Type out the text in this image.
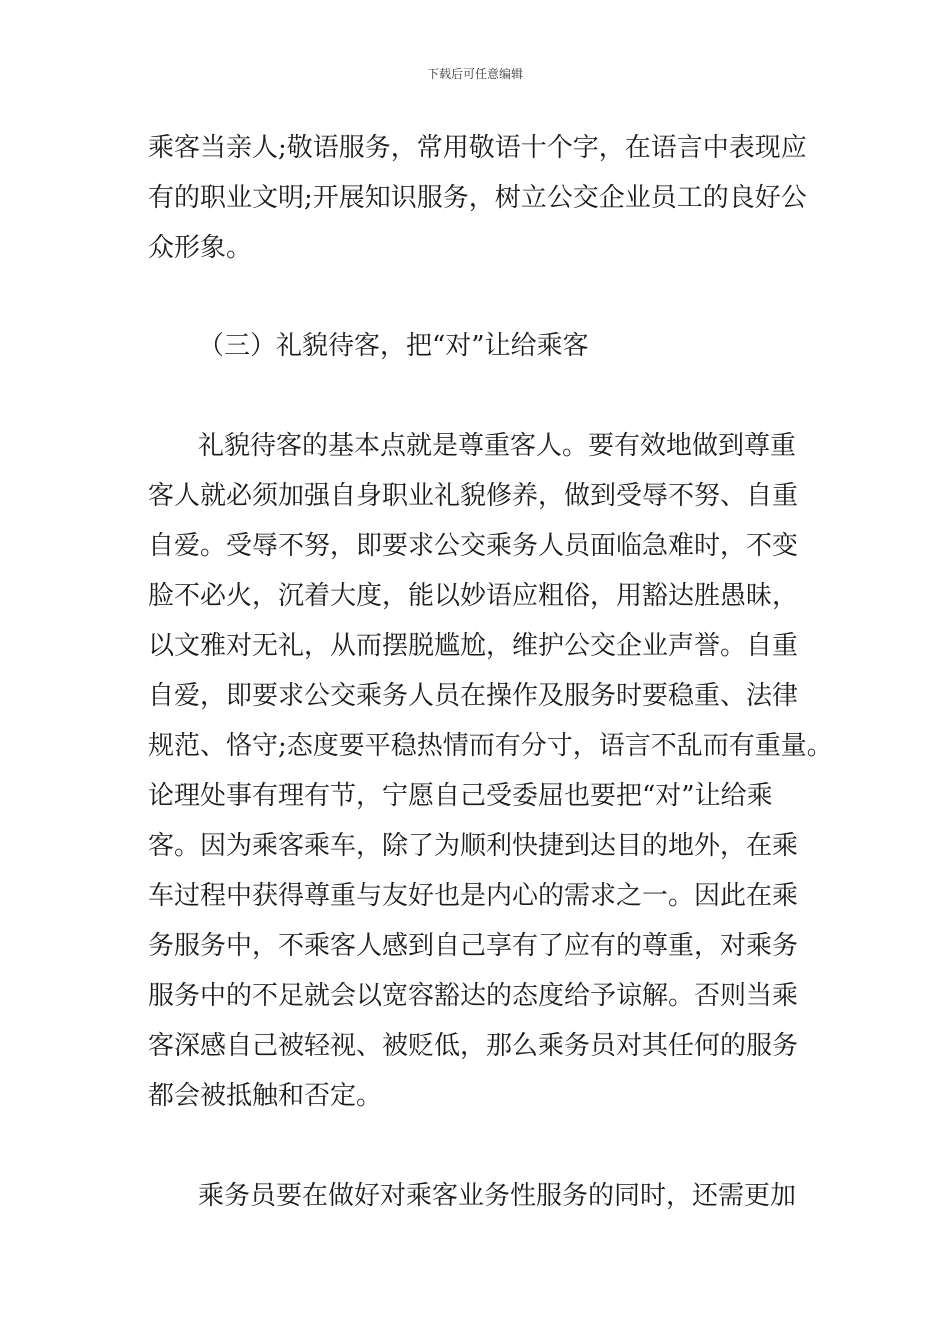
下载后可任意编辑
乘客当亲人;敬语服务，常用敬语十个字，在语言中表现应
有的职业文明;开展知识服务，树立公交企业员工的良好公
众形象。
（三）礼貌待客，把“对”让给乘客
礼貌待客的基本点就是尊重客人。要有效地做到尊重
客人就必须加强自身职业礼貌修养，做到受辱不努、自重
自爱。受辱不努，即要求公交乘务人员面临急难时，不变
脸不必火，沉着大度，能以妙语应粗俗，用豁达胜愚昧，
以文雅对无礼，从而摆脱尴尬，维护公交企业声誉。自重
自爱，即要求公交乘务人员在操作及服务时要稳重、法律
规范、恪守;态度要平稳热情而有分寸，语言不乱而有重量。
论理处事有理有节，宁愿自己受委屈也要把“对”让给乘
客。因为乘客乘车，除了为顺利快捷到达目的地外，在乘
车过程中获得尊重与友好也是内心的需求之一。因此在乘
务服务中，不乘客人感到自己享有了应有的尊重，对乘务
服务中的不足就会以宽容豁达的态度给予谅解。否则当乘
客深感自己被轻视、被贬低，那么乘务员对其任何的服务
都会被抵触和否定。
乘务员要在做好对乘客业务性服务的同时，还需更加
